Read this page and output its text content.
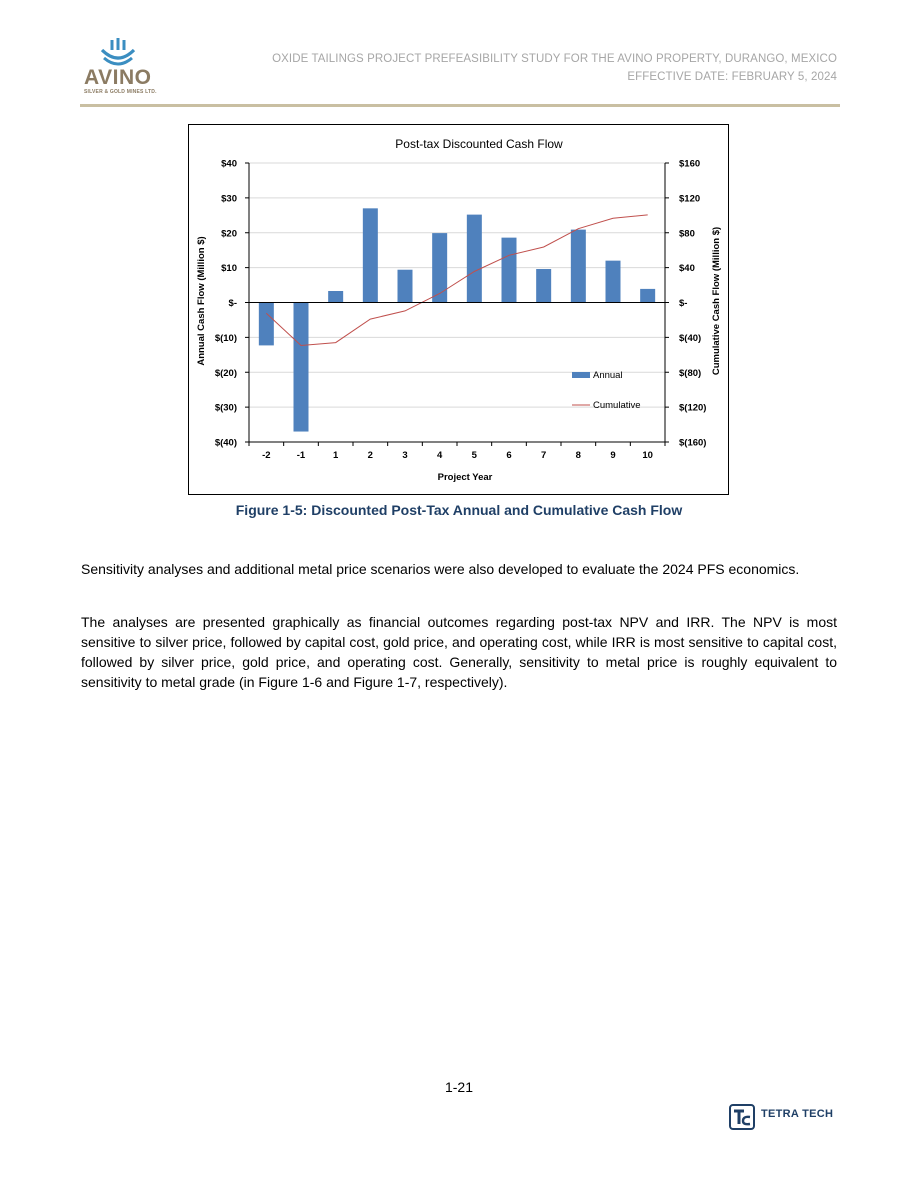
AVINO
SILVER & GOLD MINES LTD.
OXIDE TAILINGS PROJECT PREFEASIBILITY STUDY FOR THE AVINO PROPERTY, DURANGO, MEXICO
EFFECTIVE DATE: FEBRUARY 5, 2024
Post-tax Discounted Cash Flow
$40	$160
$30	$120
$20	$80
$10	$40
$-	$-
$(10)	$(40)
$(20)	$(80)
$(30)	$(120)
$(40)	$(160)
-2	-1	1	2	3	4	5	6	7	8	9	10
Annual Cash Flow (Million $)	Cumulative Cash Flow (Million $)
Project Year
Annual
Cumulative
Figure 1-5: Discounted Post-Tax Annual and Cumulative Cash Flow

Sensitivity analyses and additional metal price scenarios were also developed to evaluate the 2024 PFS economics.

The analyses are presented graphically as financial outcomes regarding post-tax NPV and IRR. The NPV is most sensitive to silver price, followed by capital cost, gold price, and operating cost, while IRR is most sensitive to capital cost, followed by silver price, gold price, and operating cost. Generally, sensitivity to metal price is roughly equivalent to sensitivity to metal grade (in Figure 1-6 and Figure 1-7, respectively).

1-21
TETRA TECH
